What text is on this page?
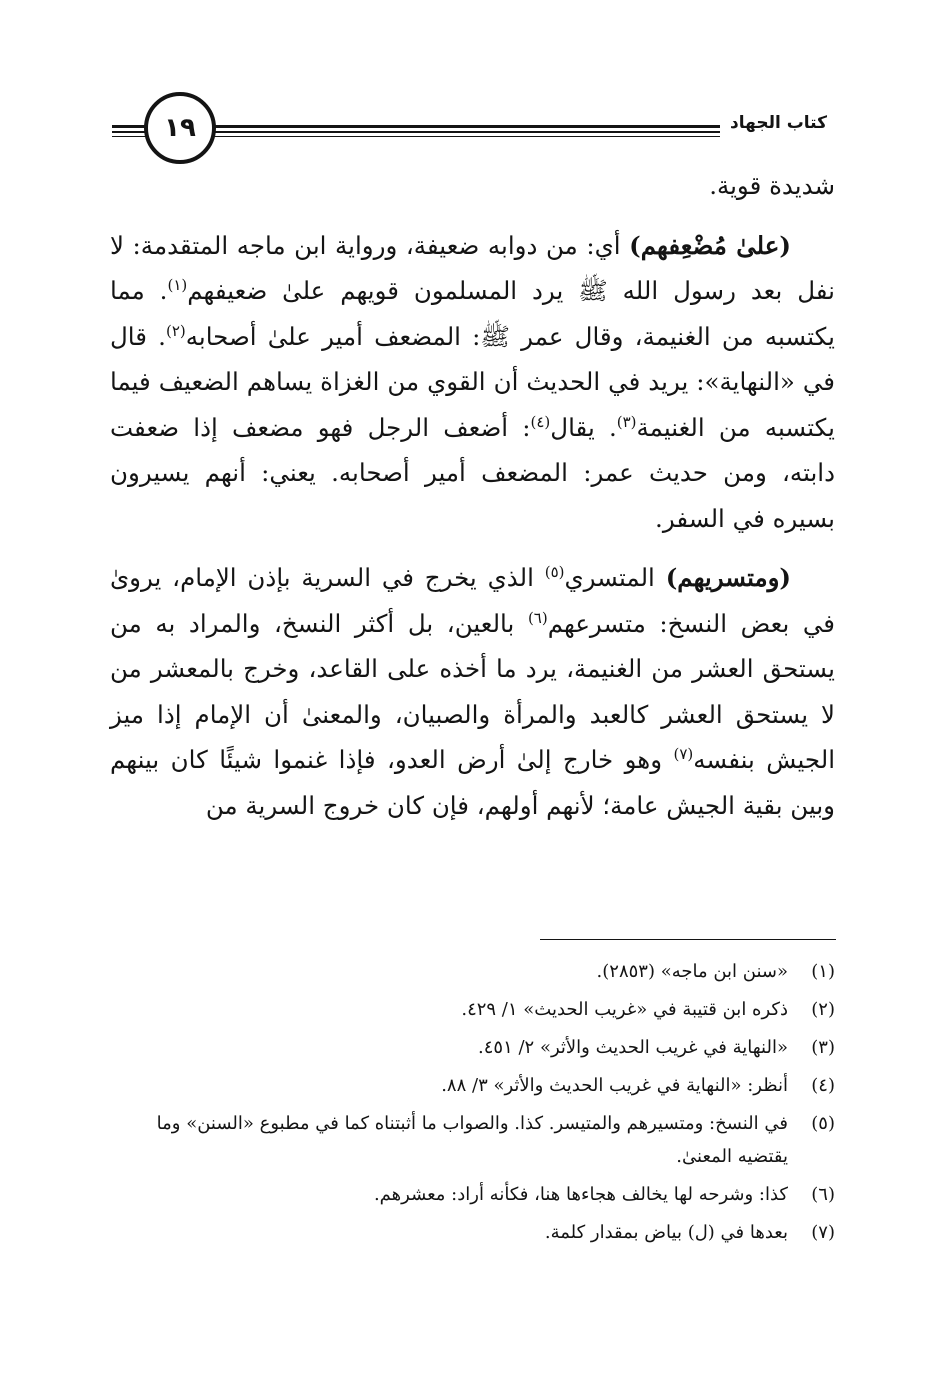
كتاب الجهاد
١٩

شديدة قوية.

(علىٰ مُضْعِفهم) أي: من دوابه ضعيفة، ورواية ابن ماجه المتقدمة: لا نفل بعد رسول الله ﷺ يرد المسلمون قويهم علىٰ ضعيفهم$^{(١)}$. مما يكتسبه من الغنيمة، وقال عمر ﷺ: المضعف أمير علىٰ أصحابه$^{(٢)}$. قال في «النهاية»: يريد في الحديث أن القوي من الغزاة يساهم الضعيف فيما يكتسبه من الغنيمة$^{(٣)}$. يقال$^{(٤)}$: أضعف الرجل فهو مضعف إذا ضعفت دابته، ومن حديث عمر: المضعف أمير أصحابه. يعني: أنهم يسيرون بسيره في السفر.

(ومتسريهم) المتسري$^{(٥)}$ الذي يخرج في السرية بإذن الإمام، يرویٰ في بعض النسخ: متسرعهم$^{(٦)}$ بالعين، بل أكثر النسخ، والمراد به من يستحق العشر من الغنيمة، يرد ما أخذه على القاعد، وخرج بالمعشر من لا يستحق العشر كالعبد والمرأة والصبيان، والمعنىٰ أن الإمام إذا ميز الجيش بنفسه$^{(٧)}$ وهو خارج إلىٰ أرض العدو، فإذا غنموا شيئًا كان بينهم وبين بقية الجيش عامة؛ لأنهم أولهم، فإن كان خروج السرية من

(١)
«سنن ابن ماجه» (٢٨٥٣).
(٢)
ذكره ابن قتيبة في «غريب الحديث» ١/ ٤٢٩.
(٣)
«النهاية في غريب الحديث والأثر» ٢/ ٤٥١.
(٤)
أنظر: «النهاية في غريب الحديث والأثر» ٣/ ٨٨.
(٥)
في النسخ: ومتسيرهم والمتيسر. كذا. والصواب ما أثبتناه كما في مطبوع «السنن» وما يقتضيه المعنىٰ.
(٦)
كذا: وشرحه لها يخالف هجاءها هنا، فكأنه أراد: معشرهم.
(٧)
بعدها في (ل) بياض بمقدار كلمة.
